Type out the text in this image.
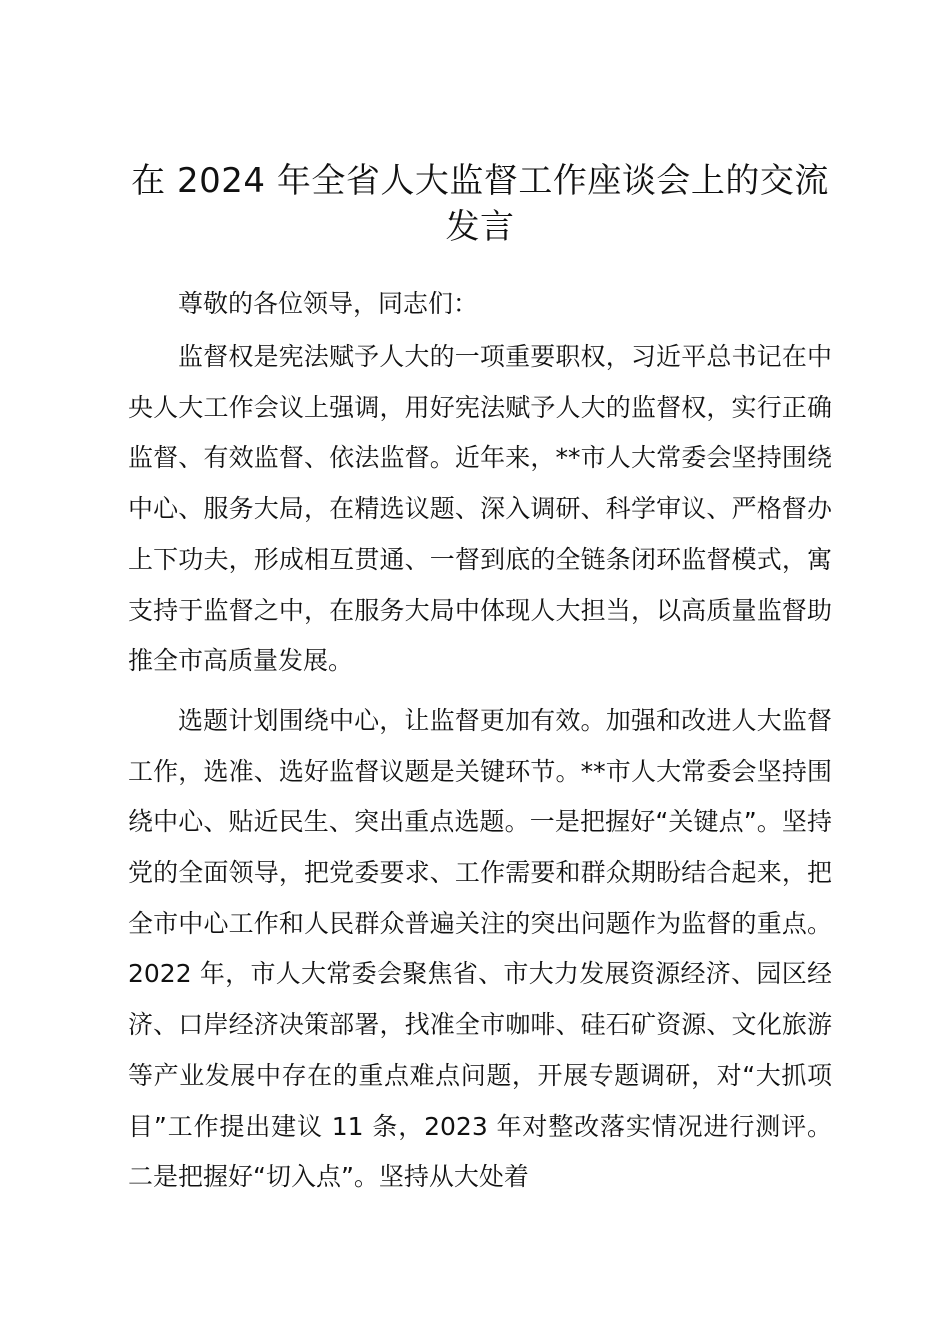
在 2024 年全省人大监督工作座谈会上的交流发言

尊敬的各位领导，同志们：

监督权是宪法赋予人大的一项重要职权，习近平总书记在中央人大工作会议上强调，用好宪法赋予人大的监督权，实行正确监督、有效监督、依法监督。近年来，**市人大常委会坚持围绕中心、服务大局，在精选议题、深入调研、科学审议、严格督办上下功夫，形成相互贯通、一督到底的全链条闭环监督模式，寓支持于监督之中，在服务大局中体现人大担当，以高质量监督助推全市高质量发展。

选题计划围绕中心，让监督更加有效。加强和改进人大监督工作，选准、选好监督议题是关键环节。**市人大常委会坚持围绕中心、贴近民生、突出重点选题。一是把握好“关键点”。坚持党的全面领导，把党委要求、工作需要和群众期盼结合起来，把全市中心工作和人民群众普遍关注的突出问题作为监督的重点。2022 年，市人大常委会聚焦省、市大力发展资源经济、园区经济、口岸经济决策部署，找准全市咖啡、硅石矿资源、文化旅游等产业发展中存在的重点难点问题，开展专题调研，对“大抓项目”工作提出建议 11 条，2023 年对整改落实情况进行测评。二是把握好“切入点”。坚持从大处着
